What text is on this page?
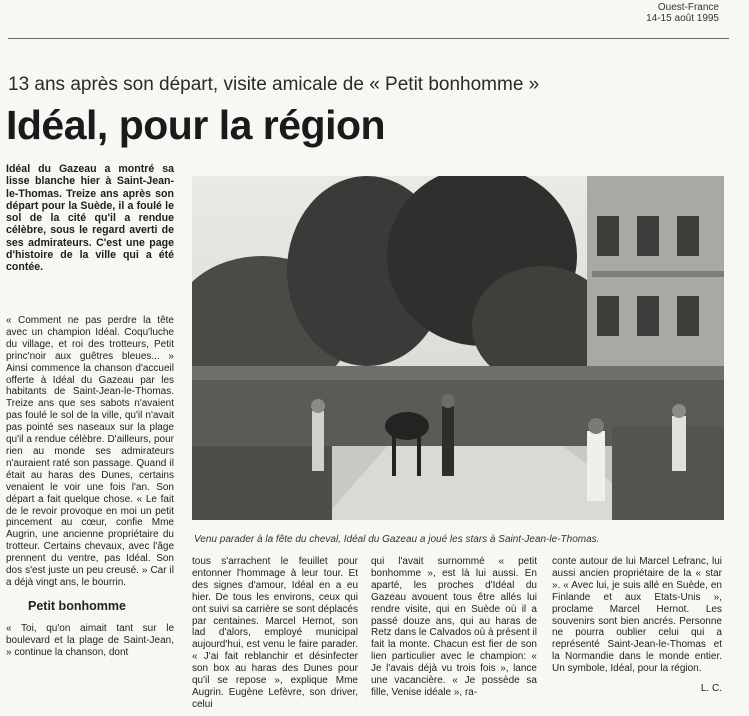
Ouest-France
14-15 août 1995
13 ans après son départ, visite amicale de « Petit bonhomme »
Idéal, pour la région
Idéal du Gazeau a montré sa lisse blanche hier à Saint-Jean-le-Thomas. Treize ans après son départ pour la Suède, il a foulé le sol de la cité qu'il a rendue célèbre, sous le regard averti de ses admirateurs. C'est une page d'histoire de la ville qui a été contée.

« Comment ne pas perdre la tête avec un champion Idéal. Coqu'luche du village, et roi des trotteurs, Petit princ'noir aux guêtres bleues... » Ainsi commence la chanson d'accueil offerte à Idéal du Gazeau par les habitants de Saint-Jean-le-Thomas. Treize ans que ses sabots n'avaient pas foulé le sol de la ville, qu'il n'avait pas pointé ses naseaux sur la plage qu'il a rendue célèbre. D'ailleurs, pour rien au monde ses admirateurs n'auraient raté son passage. Quand il était au haras des Dunes, certains venaient le voir une fois l'an. Son départ a fait quelque chose. « Le fait de le revoir provoque en moi un petit pincement au cœur, confie Mme Augrin, une ancienne propriétaire du trotteur. Certains chevaux, avec l'âge prennent du ventre, pas Idéal. Son dos s'est juste un peu creusé. » Car il a déjà vingt ans, le bourrin.

Petit bonhomme

« Toi, qu'on aimait tant sur le boulevard et la plage de Saint-Jean, » continue la chanson, dont

Venu parader à la fête du cheval, Idéal du Gazeau a joué les stars à Saint-Jean-le-Thomas.

tous s'arrachent le feuillet pour entonner l'hommage à leur tour. Et des signes d'amour, Idéal en a eu hier. De tous les environs, ceux qui ont suivi sa carrière se sont déplacés par centaines. Marcel Hernot, son lad d'alors, employé municipal aujourd'hui, est venu le faire parader. « J'ai fait reblanchir et désinfecter son box au haras des Dunes pour qu'il se repose », explique Mme Augrin. Eugène Lefèvre, son driver, celui

qui l'avait surnommé « petit bonhomme », est là lui aussi. En aparté, les proches d'Idéal du Gazeau avouent tous être allés lui rendre visite, qui en Suède où il a passé douze ans, qui au haras de Retz dans le Calvados où à présent il fait la monte. Chacun est fier de son lien particulier avec le champion: « Je l'avais déjà vu trois fois », lance une vacancière. « Je possède sa fille, Venise idéale », ra-

conte autour de lui Marcel Lefranc, lui aussi ancien propriétaire de la « star ». « Avec lui, je suis allé en Suède, en Finlande et aux Etats-Unis », proclame Marcel Hernot. Les souvenirs sont bien ancrés. Personne ne pourra oublier celui qui a représenté Saint-Jean-le-Thomas et la Normandie dans le monde entier. Un symbole, Idéal, pour la région.

L. C.
